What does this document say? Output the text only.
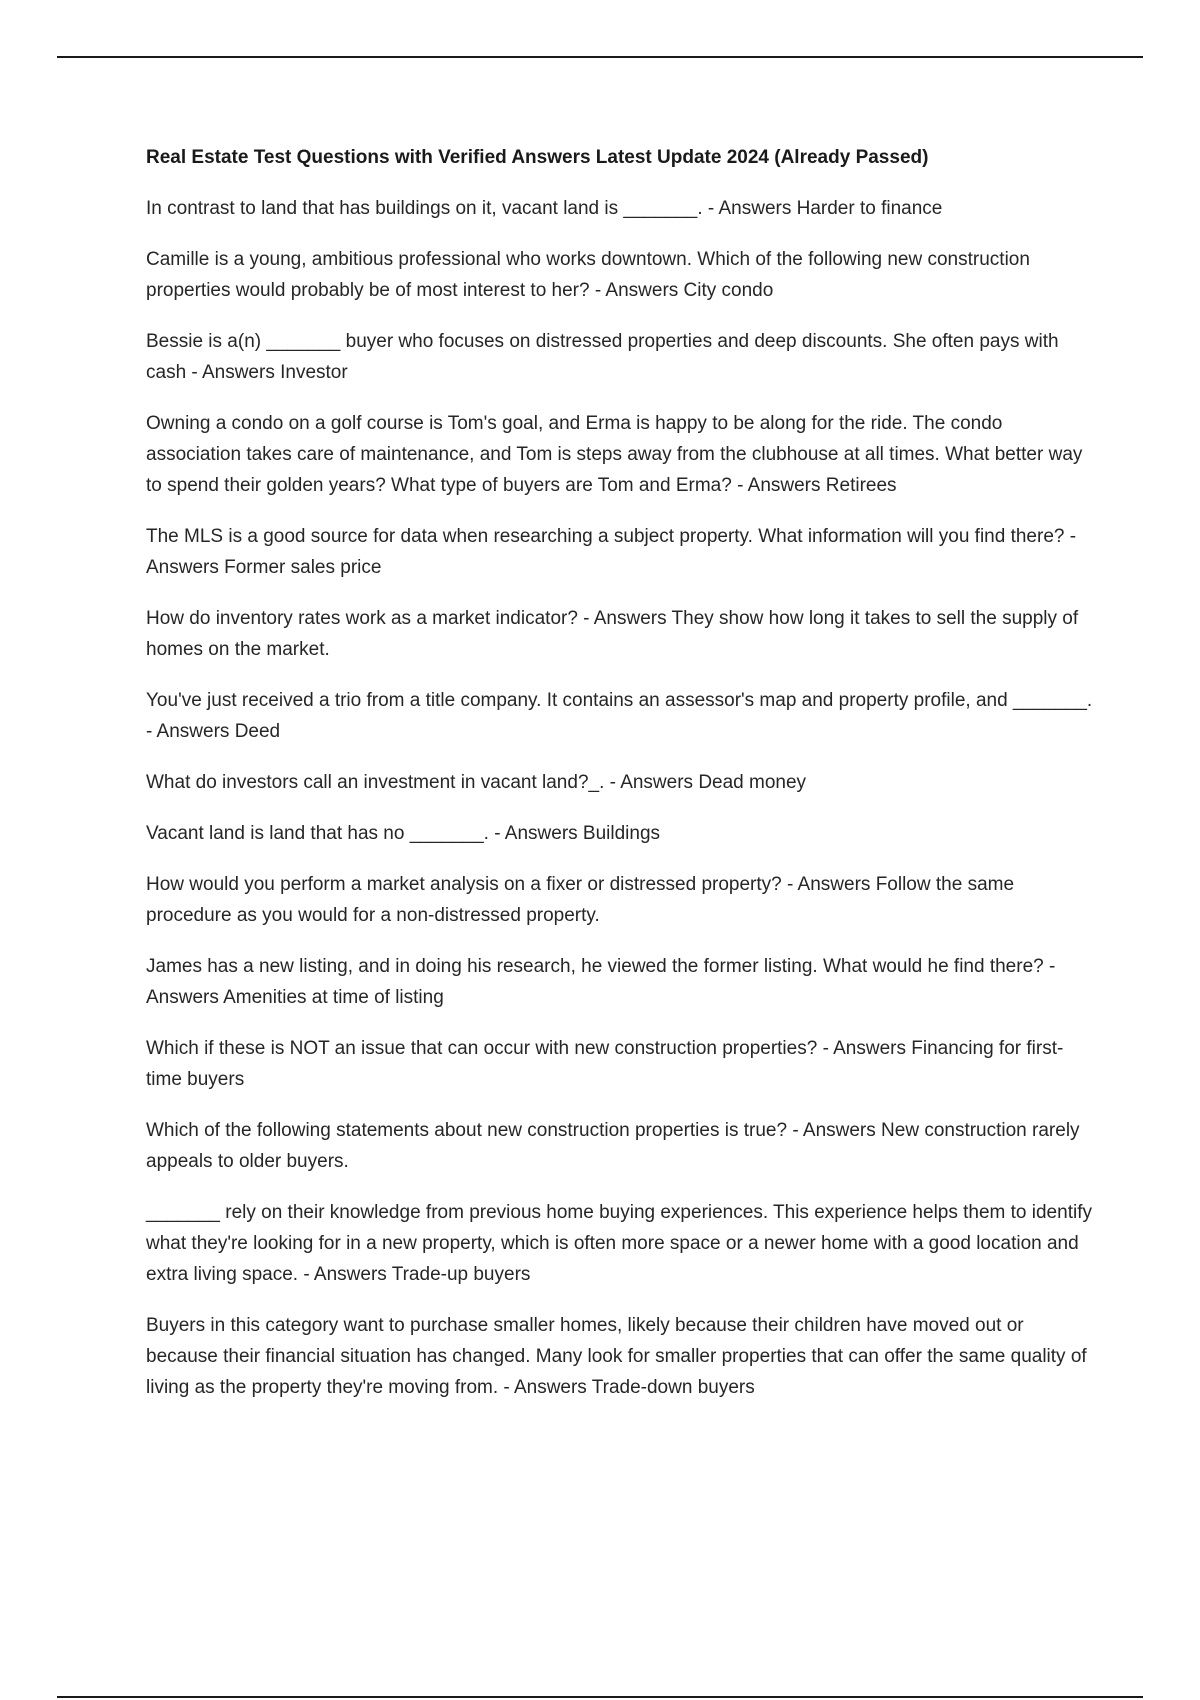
Real Estate Test Questions with Verified Answers Latest Update 2024 (Already Passed)

In contrast to land that has buildings on it, vacant land is _______. - Answers Harder to finance

Camille is a young, ambitious professional who works downtown. Which of the following new construction properties would probably be of most interest to her? - Answers City condo

Bessie is a(n) _______ buyer who focuses on distressed properties and deep discounts. She often pays with cash - Answers Investor

Owning a condo on a golf course is Tom's goal, and Erma is happy to be along for the ride. The condo association takes care of maintenance, and Tom is steps away from the clubhouse at all times. What better way to spend their golden years? What type of buyers are Tom and Erma? - Answers Retirees

The MLS is a good source for data when researching a subject property. What information will you find there? - Answers Former sales price

How do inventory rates work as a market indicator? - Answers They show how long it takes to sell the supply of homes on the market.

You've just received a trio from a title company. It contains an assessor's map and property profile, and _______. - Answers Deed

What do investors call an investment in vacant land?_. - Answers Dead money

Vacant land is land that has no _______. - Answers Buildings

How would you perform a market analysis on a fixer or distressed property? - Answers Follow the same procedure as you would for a non-distressed property.

James has a new listing, and in doing his research, he viewed the former listing. What would he find there? - Answers Amenities at time of listing

Which if these is NOT an issue that can occur with new construction properties? - Answers Financing for first-time buyers

Which of the following statements about new construction properties is true? - Answers New construction rarely appeals to older buyers.

_______ rely on their knowledge from previous home buying experiences. This experience helps them to identify what they're looking for in a new property, which is often more space or a newer home with a good location and extra living space. - Answers Trade-up buyers

Buyers in this category want to purchase smaller homes, likely because their children have moved out or because their financial situation has changed. Many look for smaller properties that can offer the same quality of living as the property they're moving from. - Answers Trade-down buyers
